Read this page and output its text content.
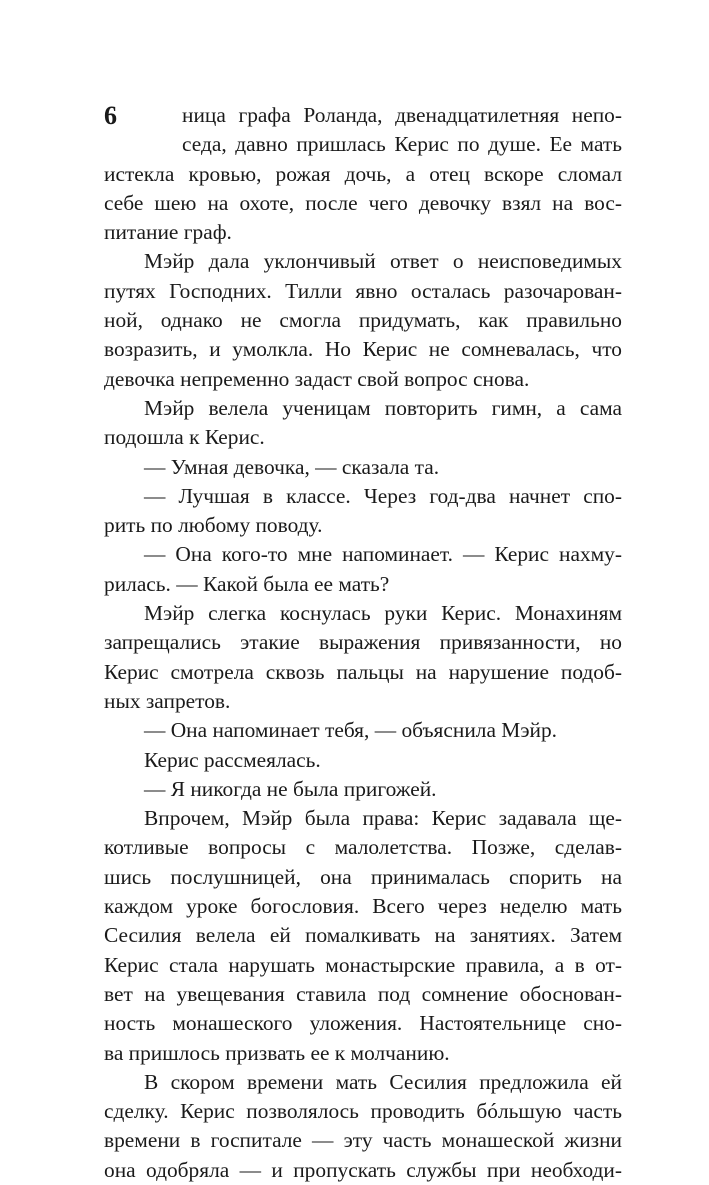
6	ница графа Роланда, двенадцатилетняя непо-
седа, давно пришлась Керис по душе. Ее мать
истекла кровью, рожая дочь, а отец вскоре сломал
себе шею на охоте, после чего девочку взял на вос-
питание граф.
Мэйр дала уклончивый ответ о неисповедимых
путях Господних. Тилли явно осталась разочарован-
ной, однако не смогла придумать, как правильно
возразить, и умолкла. Но Керис не сомневалась, что
девочка непременно задаст свой вопрос снова.
Мэйр велела ученицам повторить гимн, а сама
подошла к Керис.
— Умная девочка, — сказала та.
— Лучшая в классе. Через год-два начнет спо-
рить по любому поводу.
— Она кого-то мне напоминает. — Керис нахму-
рилась. — Какой была ее мать?
Мэйр слегка коснулась руки Керис. Монахиням
запрещались этакие выражения привязанности, но
Керис смотрела сквозь пальцы на нарушение подоб-
ных запретов.
— Она напоминает тебя, — объяснила Мэйр.
Керис рассмеялась.
— Я никогда не была пригожей.
Впрочем, Мэйр была права: Керис задавала ще-
котливые вопросы с малолетства. Позже, сделав-
шись послушницей, она принималась спорить на
каждом уроке богословия. Всего через неделю мать
Сесилия велела ей помалкивать на занятиях. Затем
Керис стала нарушать монастырские правила, а в от-
вет на увещевания ставила под сомнение обоснован-
ность монашеского уложения. Настоятельнице сно-
ва пришлось призвать ее к молчанию.
В скором времени мать Сесилия предложила ей
сделку. Керис позволялось проводить бóльшую часть
времени в госпитале — эту часть монашеской жизни
она одобряла — и пропускать службы при необходи-
